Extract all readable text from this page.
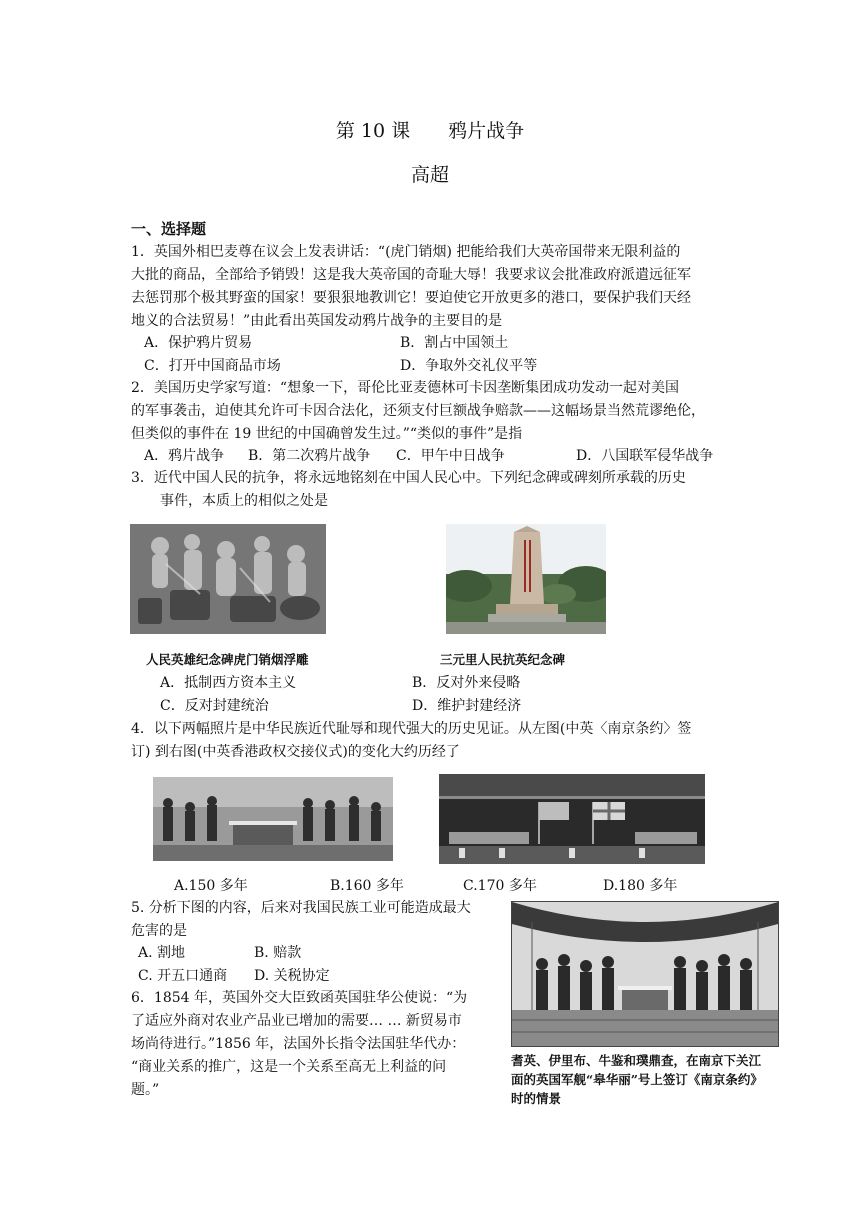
第 10 课　　鸦片战争
高超
一、选择题
1．英国外相巴麦尊在议会上发表讲话：“(虎门销烟) 把能给我们大英帝国带来无限利益的
大批的商品，全部给予销毁！这是我大英帝国的奇耻大辱！我要求议会批准政府派遣远征军
去惩罚那个极其野蛮的国家！要狠狠地教训它！要迫使它开放更多的港口，要保护我们天经
地义的合法贸易！”由此看出英国发动鸦片战争的主要目的是
A．保护鸦片贸易	B．割占中国领土
C．打开中国商品市场	D．争取外交礼仪平等
2．美国历史学家写道：“想象一下，哥伦比亚麦德林可卡因垄断集团成功发动一起对美国
的军事袭击，迫使其允许可卡因合法化，还须支付巨额战争赔款——这幅场景当然荒谬绝伦，
但类似的事件在 19 世纪的中国确曾发生过。”“类似的事件”是指
A．鸦片战争 B．第二次鸦片战争 C．甲午中日战争	D．八国联军侵华战争
3．近代中国人民的抗争，将永远地铭刻在中国人民心中。下列纪念碑或碑刻所承载的历史
事件，本质上的相似之处是
人民英雄纪念碑虎门销烟浮雕	三元里人民抗英纪念碑
A．抵制西方资本主义	B．反对外来侵略
C．反对封建统治	D．维护封建经济
4．以下两幅照片是中华民族近代耻辱和现代强大的历史见证。从左图(中英〈南京条约〉签
订) 到右图(中英香港政权交接仪式)的变化大约历经了
A.150 多年	B.160 多年	C.170 多年	D.180 多年
5. 分析下图的内容，后来对我国民族工业可能造成最大
危害的是
A. 割地	B. 赔款
C. 开五口通商 D. 关税协定
耆英、伊里布、牛鉴和璞鼎查，在南京下关江
面的英国军舰“皋华丽”号上签订《南京条约》
时的情景
6．1854 年，英国外交大臣致函英国驻华公使说：“为
了适应外商对农业产品业已增加的需要… … 新贸易市
场尚待进行。”1856 年，法国外长指令法国驻华代办：
“商业关系的推广，这是一个关系至高无上利益的问
题。”
